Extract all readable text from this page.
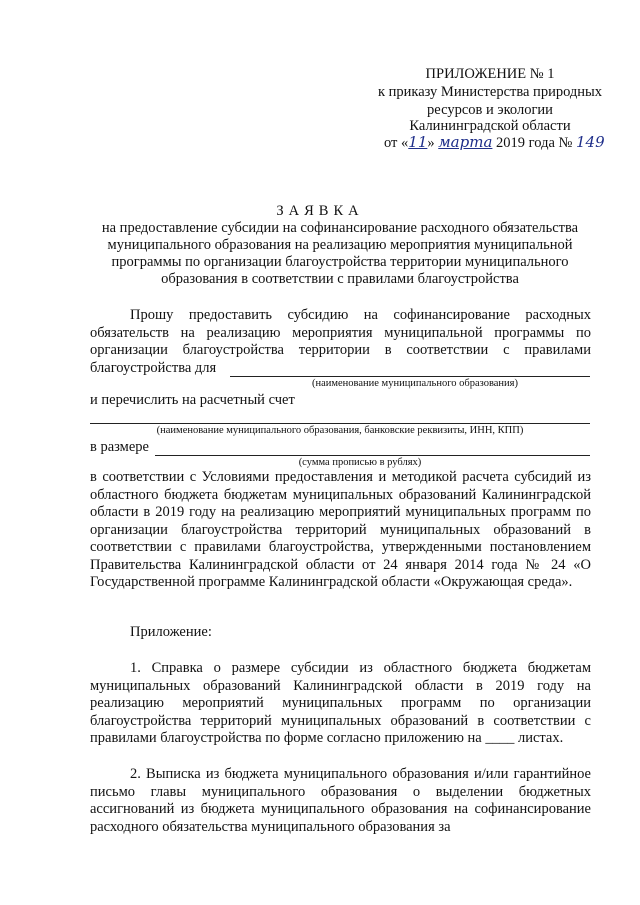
ПРИЛОЖЕНИЕ № 1
к приказу Министерства природных
ресурсов и экологии
Калининградской области
от «11» марта 2019 года № 149
ЗАЯВКА
на предоставление субсидии на софинансирование расходного обязательства муниципального образования на реализацию мероприятия муниципальной программы по организации благоустройства территории муниципального образования в соответствии с правилами благоустройства
Прошу предоставить субсидию на софинансирование расходных обязательств на реализацию мероприятия муниципальной программы по организации благоустройства территории в соответствии с правилами благоустройства для
(наименование муниципального образования)
и перечислить на расчетный счет
(наименование муниципального образования, банковские реквизиты, ИНН, КПП)
в размере
(сумма прописью в рублях)
в соответствии с Условиями предоставления и методикой расчета субсидий из областного бюджета бюджетам муниципальных образований Калининградской области в 2019 году на реализацию мероприятий муниципальных программ по организации благоустройства территорий муниципальных образований в соответствии с правилами благоустройства, утвержденными постановлением Правительства Калининградской области от 24 января 2014 года № 24 «О Государственной программе Калининградской области «Окружающая среда».
Приложение:
1. Справка о размере субсидии из областного бюджета бюджетам муниципальных образований Калининградской области в 2019 году на реализацию мероприятий муниципальных программ по организации благоустройства территорий муниципальных образований в соответствии с правилами благоустройства по форме согласно приложению на ____ листах.
2. Выписка из бюджета муниципального образования и/или гарантийное письмо главы муниципального образования о выделении бюджетных ассигнований из бюджета муниципального образования на софинансирование расходного обязательства муниципального образования за
